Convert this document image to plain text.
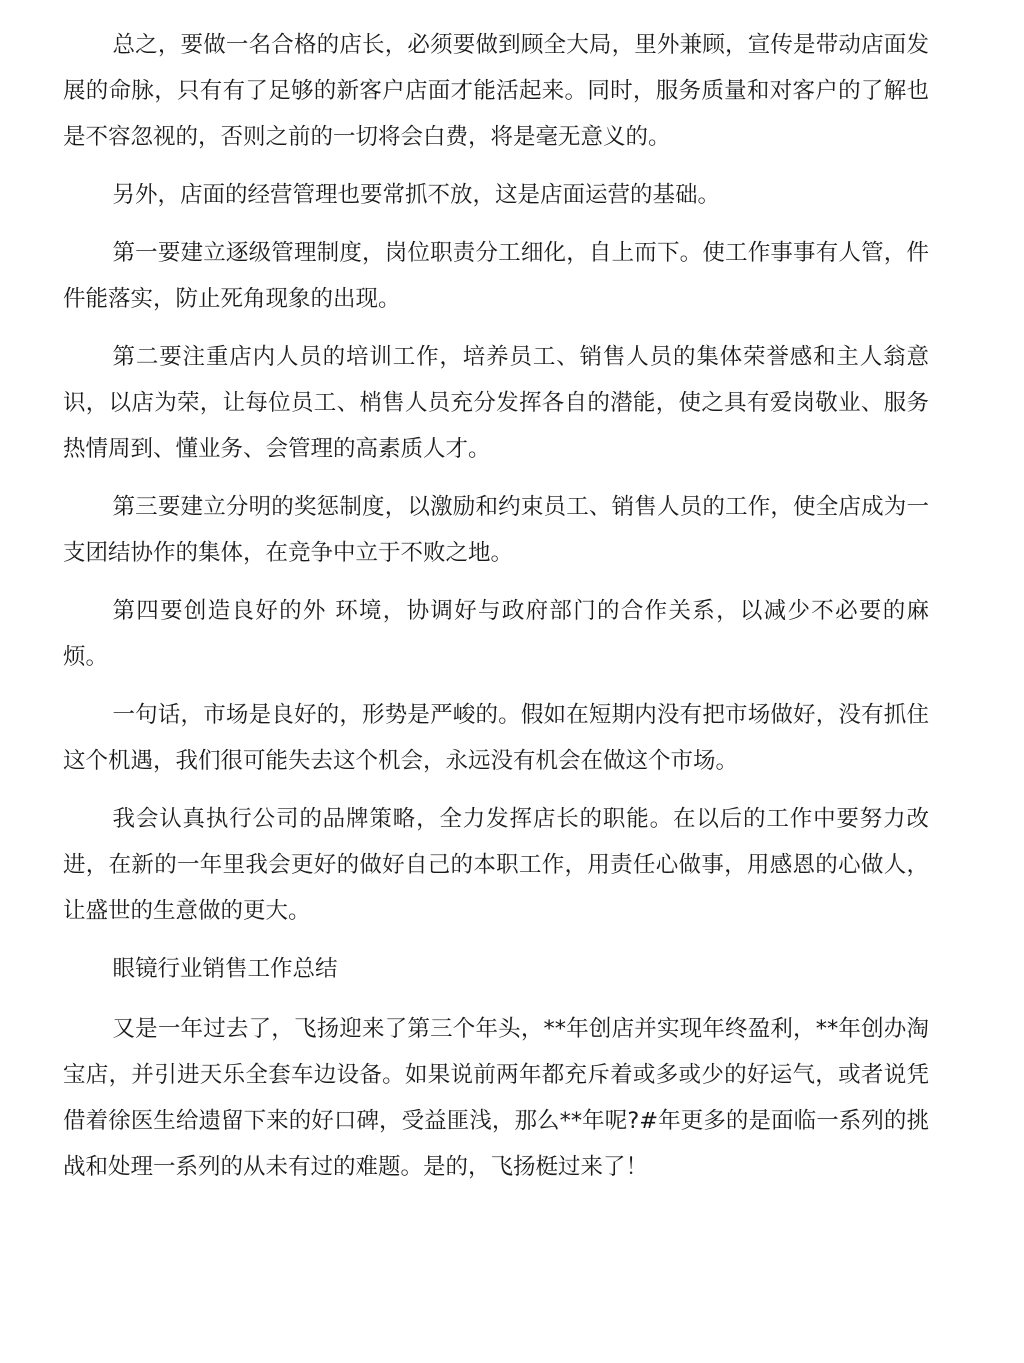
总之，要做一名合格的店长，必须要做到顾全大局，里外兼顾，宣传是带动店面发展的命脉，只有有了足够的新客户店面才能活起来。同时，服务质量和对客户的了解也是不容忽视的，否则之前的一切将会白费，将是毫无意义的。

另外，店面的经营管理也要常抓不放，这是店面运营的基础。

第一要建立逐级管理制度，岗位职责分工细化，自上而下。使工作事事有人管，件件能落实，防止死角现象的出现。

第二要注重店内人员的培训工作，培养员工、销售人员的集体荣誉感和主人翁意识，以店为荣，让每位员工、梢售人员充分发挥各自的潜能，使之具有爱岗敬业、服务热情周到、懂业务、会管理的高素质人才。

第三要建立分明的奖惩制度，以激励和约束员工、销售人员的工作，使全店成为一支团结协作的集体，在竞争中立于不败之地。

第四要创造良好的外 环境，协调好与政府部门的合作关系，以减少不必要的麻烦。

一句话，市场是良好的，形势是严峻的。假如在短期内没有把市场做好，没有抓住这个机遇，我们很可能失去这个机会，永远没有机会在做这个市场。

我会认真执行公司的品牌策略，全力发挥店长的职能。在以后的工作中要努力改进，在新的一年里我会更好的做好自己的本职工作，用责任心做事，用感恩的心做人，让盛世的生意做的更大。

眼镜行业销售工作总结

又是一年过去了，飞扬迎来了第三个年头，**年创店并实现年终盈利，**年创办淘宝店，并引进天乐全套车边设备。如果说前两年都充斥着或多或少的好运气，或者说凭借着徐医生给遗留下来的好口碑，受益匪浅，那么**年呢?#年更多的是面临一系列的挑战和处理一系列的从未有过的难题。是的，飞扬梃过来了！
